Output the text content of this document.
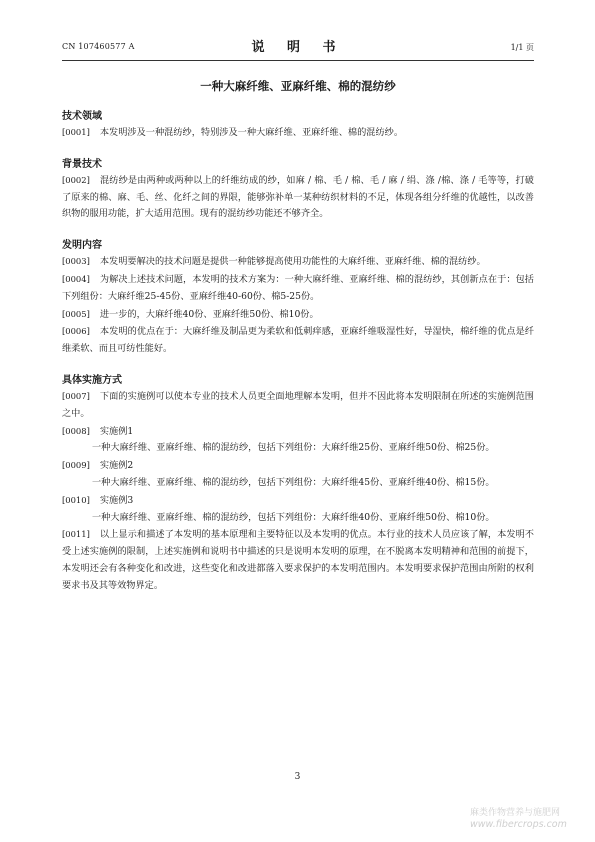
CN 107460577 A	说 明 书	1/1 页
一种大麻纤维、亚麻纤维、棉的混纺纱

技术领域

[0001] 本发明涉及一种混纺纱，特别涉及一种大麻纤维、亚麻纤维、棉的混纺纱。

背景技术

[0002] 混纺纱是由两种或两种以上的纤维纺成的纱，如麻 / 棉、毛 / 棉、毛 / 麻 / 绢、涤 /棉、涤 / 毛等等，打破了原来的棉、麻、毛、丝、化纤之间的界限，能够弥补单一某种纺织材料的不足，体现各组分纤维的优越性，以改善织物的服用功能，扩大适用范围。现有的混纺纱功能还不够齐全。

发明内容

[0003] 本发明要解决的技术问题是提供一种能够提高使用功能性的大麻纤维、亚麻纤维、棉的混纺纱。

[0004] 为解决上述技术问题，本发明的技术方案为：一种大麻纤维、亚麻纤维、棉的混纺纱，其创新点在于：包括下列组份：大麻纤维25-45份、亚麻纤维40-60份、棉5-25份。

[0005] 进一步的，大麻纤维40份、亚麻纤维50份、棉10份。

[0006] 本发明的优点在于：大麻纤维及制品更为柔软和低刺痒感，亚麻纤维吸湿性好，导湿快，棉纤维的优点是纤维柔软、而且可纺性能好。

具体实施方式

[0007] 下面的实施例可以使本专业的技术人员更全面地理解本发明，但并不因此将本发明限制在所述的实施例范围之中。

[0008] 实施例1

一种大麻纤维、亚麻纤维、棉的混纺纱，包括下列组份：大麻纤维25份、亚麻纤维50份、棉25份。

[0009] 实施例2

一种大麻纤维、亚麻纤维、棉的混纺纱，包括下列组份：大麻纤维45份、亚麻纤维40份、棉15份。

[0010] 实施例3

一种大麻纤维、亚麻纤维、棉的混纺纱，包括下列组份：大麻纤维40份、亚麻纤维50份、棉10份。

[0011] 以上显示和描述了本发明的基本原理和主要特征以及本发明的优点。本行业的技术人员应该了解，本发明不受上述实施例的限制，上述实施例和说明书中描述的只是说明本发明的原理，在不脱离本发明精神和范围的前提下，本发明还会有各种变化和改进，这些变化和改进都落入要求保护的本发明范围内。本发明要求保护范围由所附的权利要求书及其等效物界定。

3
麻类作物营养与施肥网
www.fibercrops.com
